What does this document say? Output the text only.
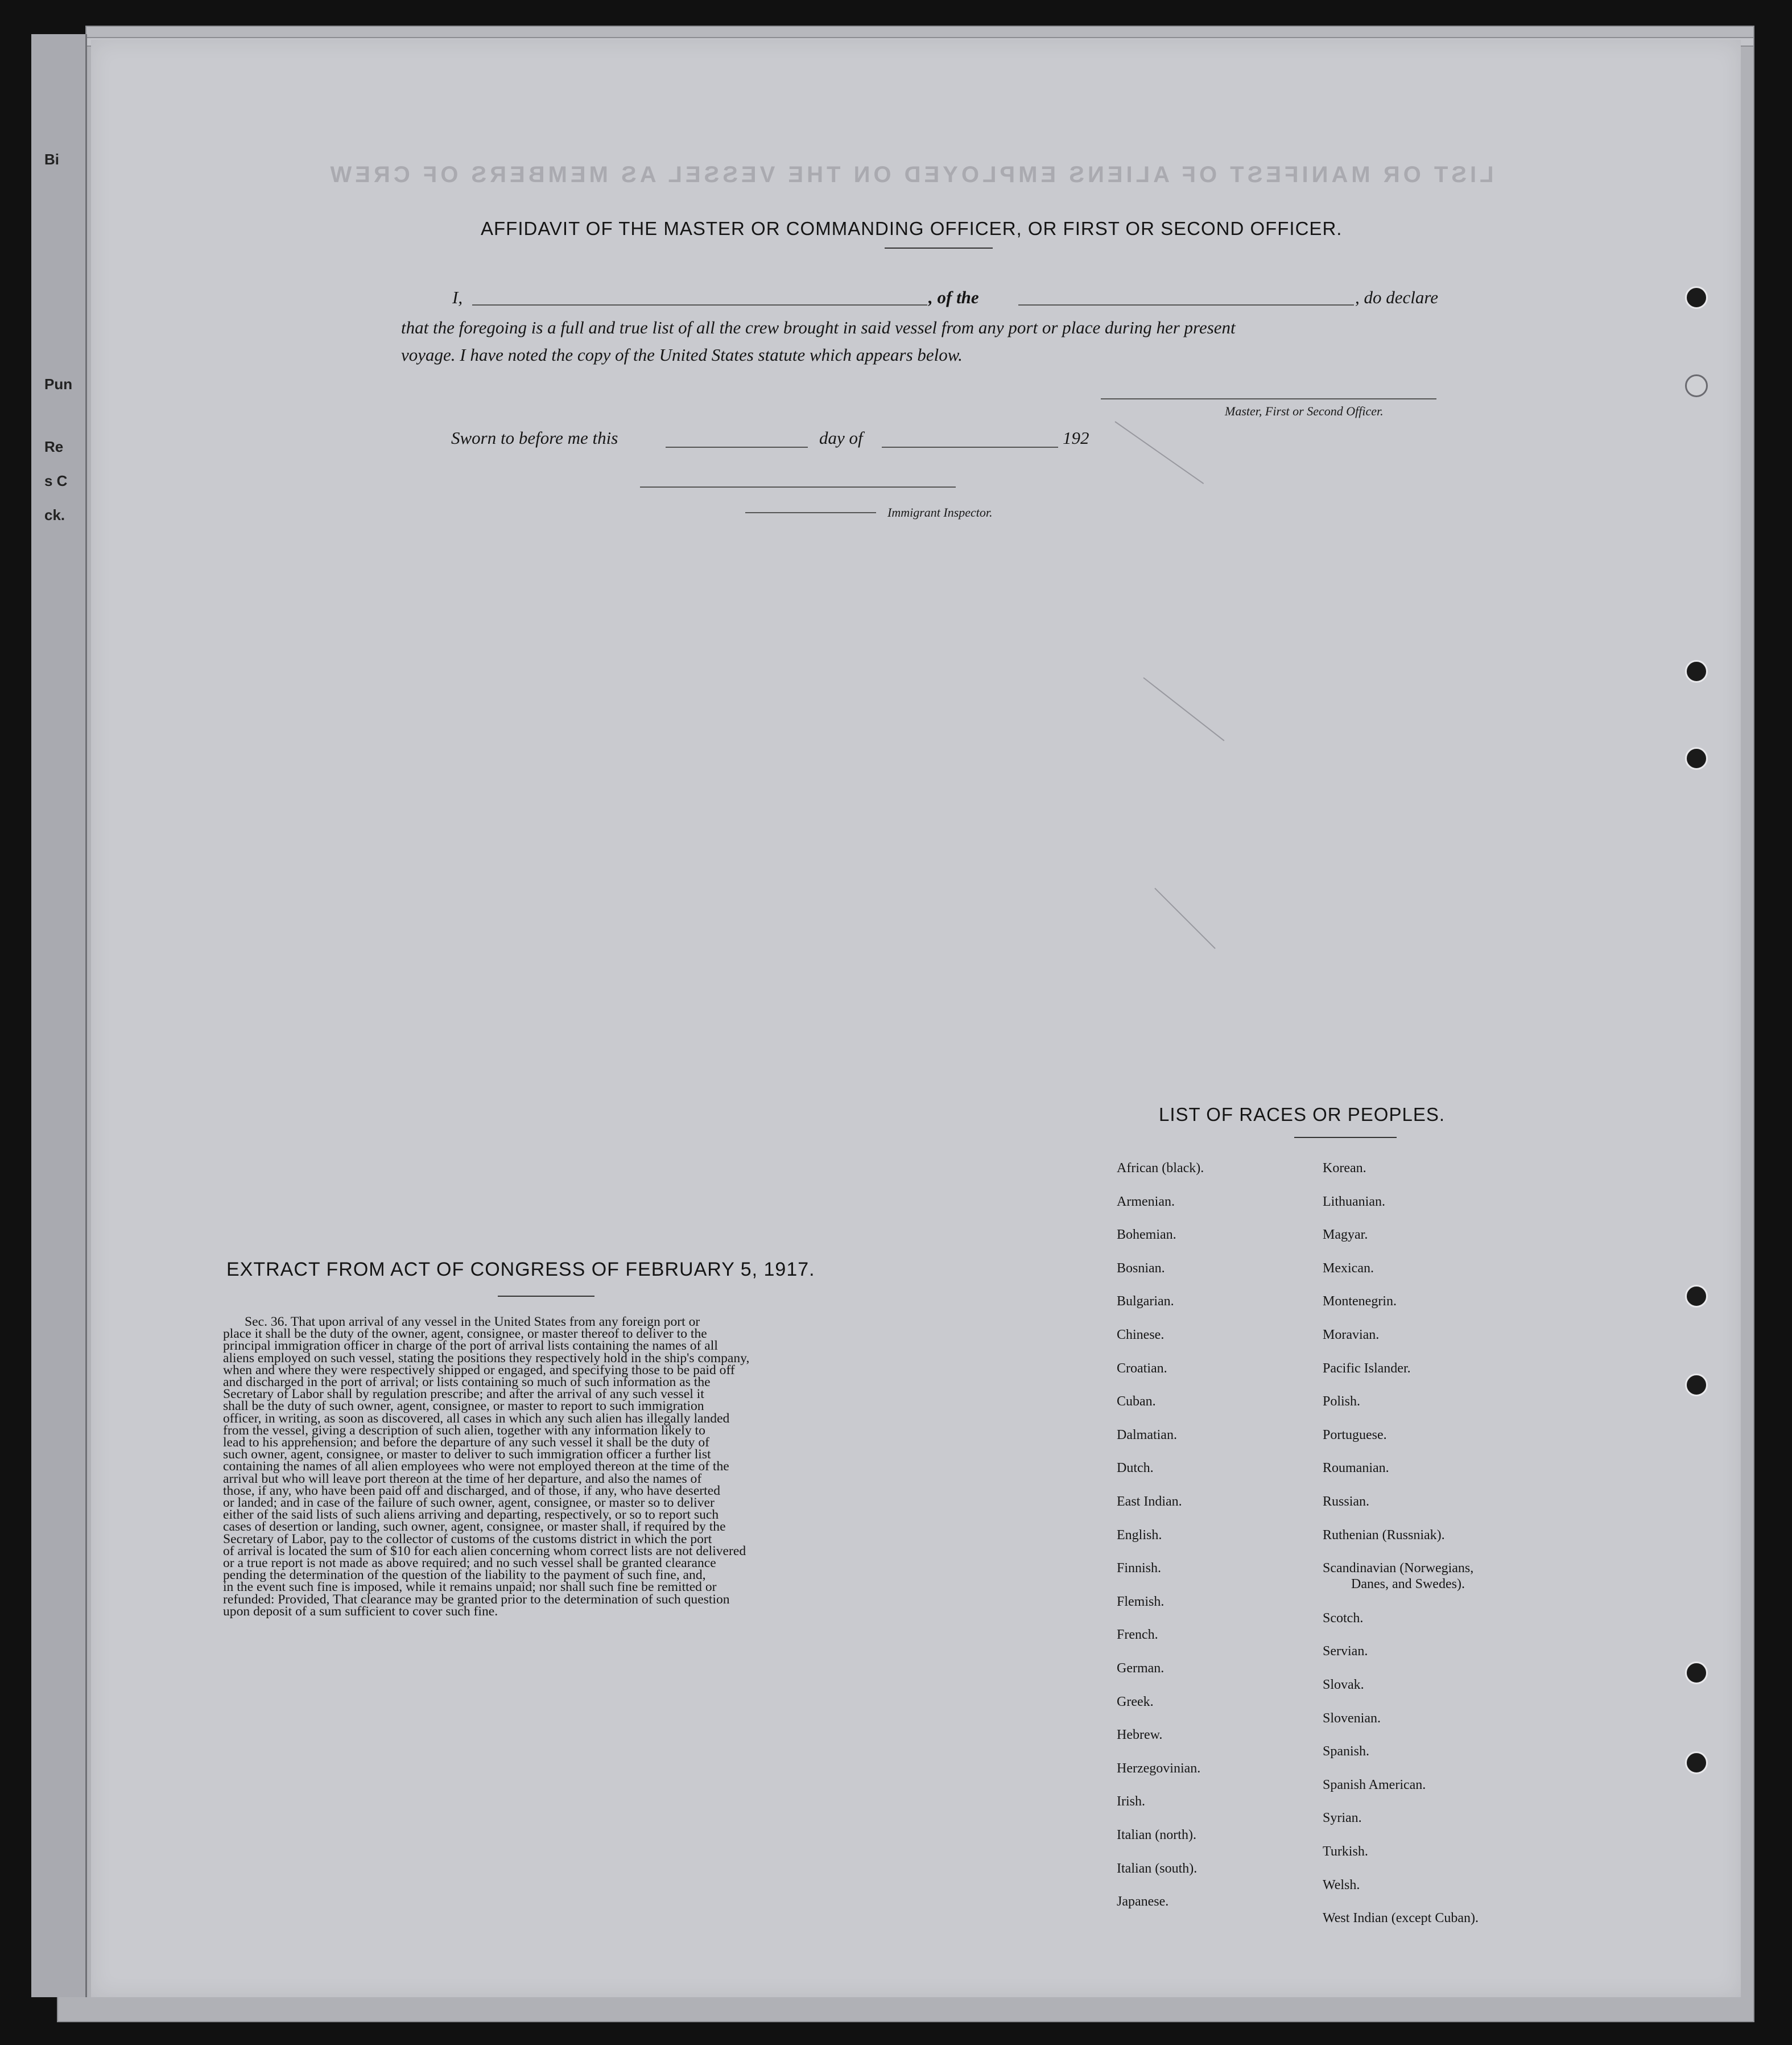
Bi
Pun
Re
s C
ck.
LIST OR MANIFEST OF ALIENS EMPLOYED ON THE VESSEL AS MEMBERS OF CREW
AFFIDAVIT OF THE MASTER OR COMMANDING OFFICER, OR FIRST OR SECOND OFFICER.
I,	, of the	, do declare
that the foregoing is a full and true list of all the crew brought in said vessel from any port or place during her present
voyage. I have noted the copy of the United States statute which appears below.
Master, First or Second Officer.
Sworn to before me this	day of	192
Immigrant Inspector.
EXTRACT FROM ACT OF CONGRESS OF FEBRUARY 5, 1917.
Sec. 36. That upon arrival of any vessel in the United States from any foreign port or
place it shall be the duty of the owner, agent, consignee, or master thereof to deliver to the
principal immigration officer in charge of the port of arrival lists containing the names of all
aliens employed on such vessel, stating the positions they respectively hold in the ship's company,
when and where they were respectively shipped or engaged, and specifying those to be paid off
and discharged in the port of arrival; or lists containing so much of such information as the
Secretary of Labor shall by regulation prescribe; and after the arrival of any such vessel it
shall be the duty of such owner, agent, consignee, or master to report to such immigration
officer, in writing, as soon as discovered, all cases in which any such alien has illegally landed
from the vessel, giving a description of such alien, together with any information likely to
lead to his apprehension; and before the departure of any such vessel it shall be the duty of
such owner, agent, consignee, or master to deliver to such immigration officer a further list
containing the names of all alien employees who were not employed thereon at the time of the
arrival but who will leave port thereon at the time of her departure, and also the names of
those, if any, who have been paid off and discharged, and of those, if any, who have deserted
or landed; and in case of the failure of such owner, agent, consignee, or master so to deliver
either of the said lists of such aliens arriving and departing, respectively, or so to report such
cases of desertion or landing, such owner, agent, consignee, or master shall, if required by the
Secretary of Labor, pay to the collector of customs of the customs district in which the port
of arrival is located the sum of $10 for each alien concerning whom correct lists are not delivered
or a true report is not made as above required; and no such vessel shall be granted clearance
pending the determination of the question of the liability to the payment of such fine, and,
in the event such fine is imposed, while it remains unpaid; nor shall such fine be remitted or
refunded: Provided, That clearance may be granted prior to the determination of such question
upon deposit of a sum sufficient to cover such fine.
LIST OF RACES OR PEOPLES.
African (black).
Armenian.
Bohemian.
Bosnian.
Bulgarian.
Chinese.
Croatian.
Cuban.
Dalmatian.
Dutch.
East Indian.
English.
Finnish.
Flemish.
French.
German.
Greek.
Hebrew.
Herzegovinian.
Irish.
Italian (north).
Italian (south).
Japanese.
Korean.
Lithuanian.
Magyar.
Mexican.
Montenegrin.
Moravian.
Pacific Islander.
Polish.
Portuguese.
Roumanian.
Russian.
Ruthenian (Russniak).
Scandinavian (Norwegians,
Danes, and Swedes).
Scotch.
Servian.
Slovak.
Slovenian.
Spanish.
Spanish American.
Syrian.
Turkish.
Welsh.
West Indian (except Cuban).
